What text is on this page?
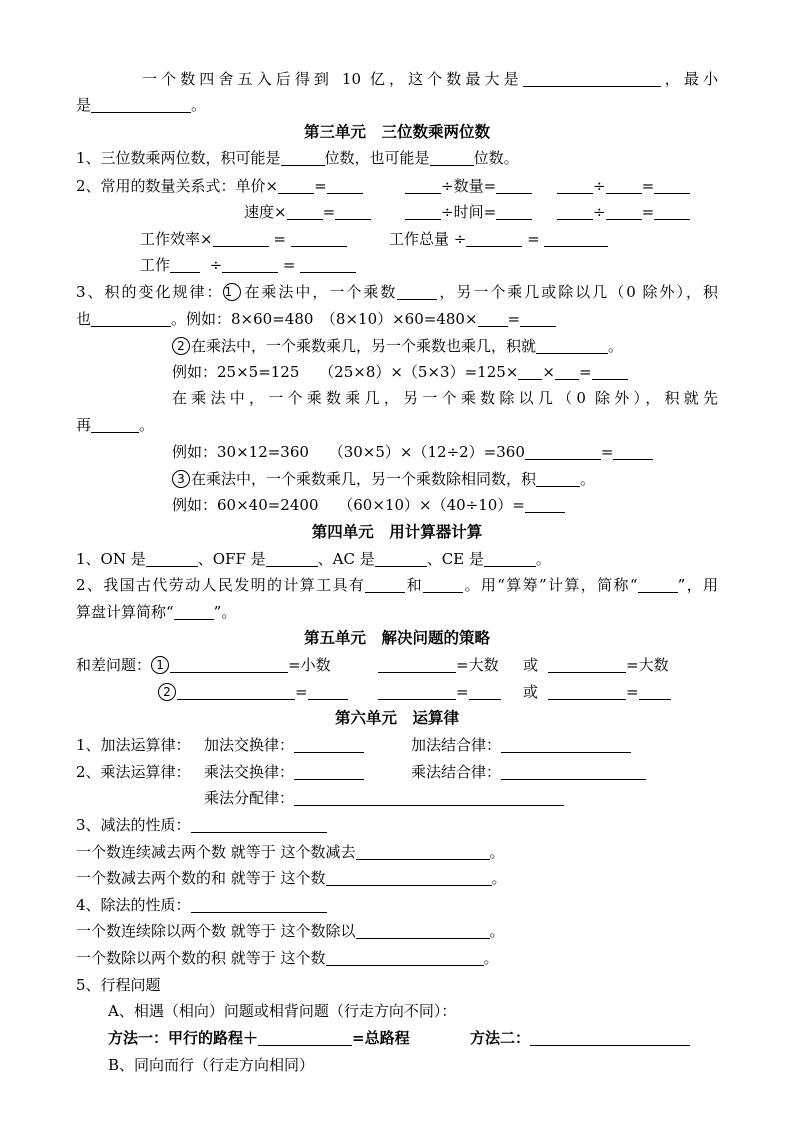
一个数四舍五入后得到 10 亿，这个数最大是	，最小
是	。
第三单元　三位数乘两位数
1、三位数乘两位数，积可能是	位数，也可能是	位数。
2、常用的数量关系式：单价× =	÷数量=	÷ =
速度× =	÷时间=	÷ =
工作效率×	=	工作总量 ÷	=
工作	÷	=
3、积的变化规律：1 在乘法中，一个乘数	，另一个乘几或除以几（0 除外），积
也	。例如：8×60=480　（8×10）×60=480× =
2 在乘法中，一个乘数乘几，另一个乘数也乘几，积就	。
例如：25×5=125　 （25×8）×（5×3）=125× × =
在乘法中，一个乘数乘几，另一个乘数除以几（0 除外），积就先
再	。
例如：30×12=360　 （30×5）×（12÷2）=360	=
3 在乘法中，一个乘数乘几，另一个乘数除相同数，积	。
例如：60×40=2400　 （60×10）×（40÷10）=
第四单元　用计算器计算
1、ON 是	、OFF 是	、AC 是	、CE 是	。
2、我国古代劳动人民发明的计算工具有	和	。用“算筹”计算，简称“	”，用
算盘计算简称“	”。
第五单元　解决问题的策略
和差问题： 1	=小数	=大数 或	=大数
2	=	=	或	=
第六单元　运算律
1、加法运算律： 加法交换律：	加法结合律：
2、乘法运算律： 乘法交换律：	乘法结合律：
乘法分配律：
3、减法的性质：
一个数连续减去两个数 就等于 这个数减去	。
一个数减去两个数的和 就等于 这个数	。
4、除法的性质：
一个数连续除以两个数 就等于 这个数除以	。
一个数除以两个数的积 就等于 这个数	。
5、行程问题
A、相遇（相向）问题或相背问题（行走方向不同）：
方法一：甲行的路程＋	=总路程	方法二：
B、同向而行（行走方向相同）
